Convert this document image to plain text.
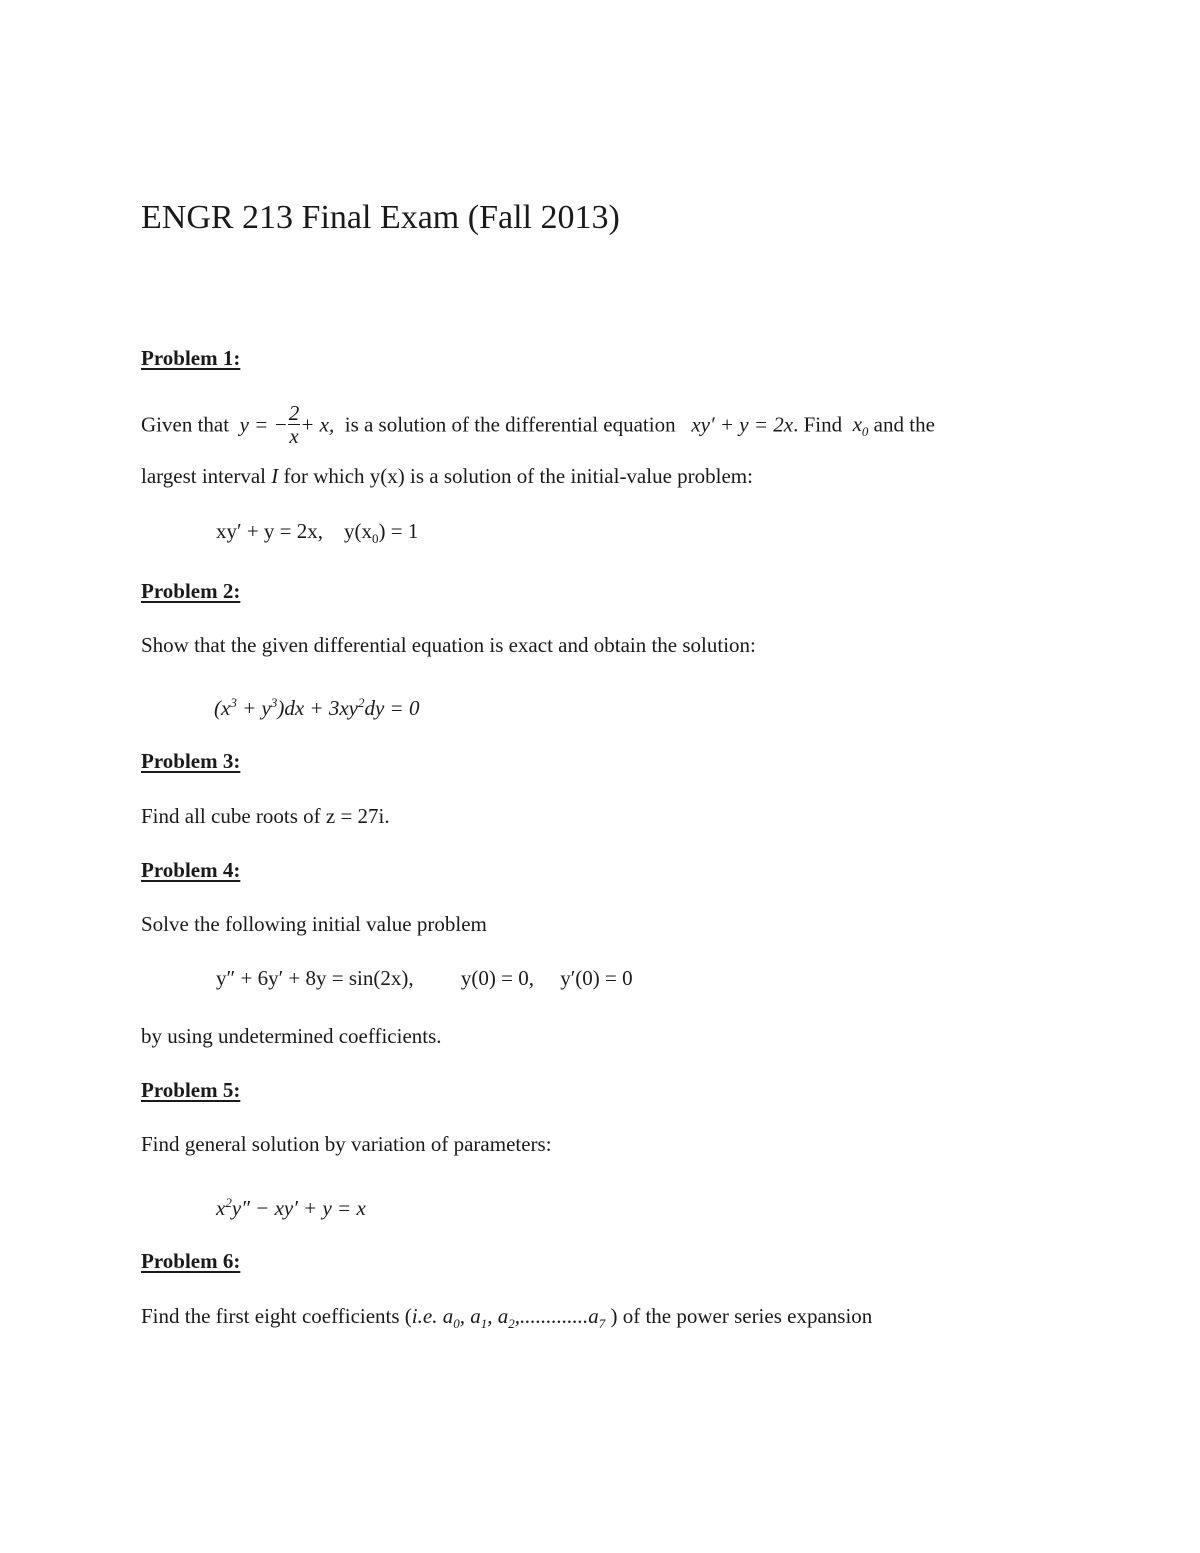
ENGR 213 Final Exam (Fall 2013)
Problem 1:
Given that y = − $\frac{2}{x} + x$, is a solution of the differential equation xy′ + y = 2x. Find $x_0$ and the
largest interval I for which y(x) is a solution of the initial-value problem:
xy′ + y = 2x,    $y(x_0) = 1$
Problem 2:
Show that the given differential equation is exact and obtain the solution:
$(x^3 + y^3)dx + 3xy^2dy = 0$
Problem 3:
Find all cube roots of z = 27i.
Problem 4:
Solve the following initial value problem
y″ + 6y′ + 8y = sin(2x),         y(0) = 0,     y′(0) = 0
by using undetermined coefficients.
Problem 5:
Find general solution by variation of parameters:
$x^2y'' - xy' + y = x$
Problem 6:
Find the first eight coefficients (i.e. $a_0$, $a_1$, $a_2,.............a_7$ ) of the power series expansion
